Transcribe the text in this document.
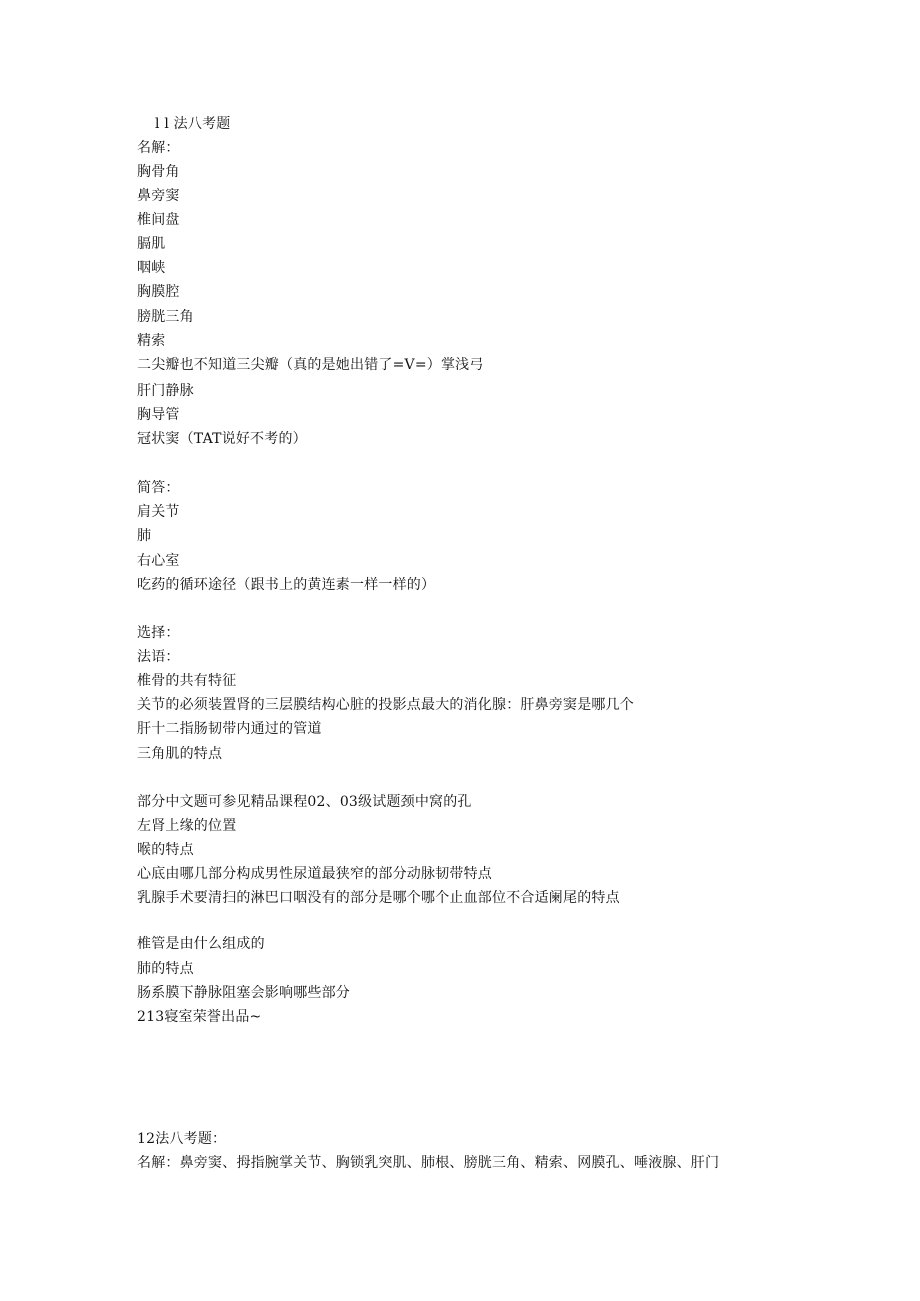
l l 法八考题
名解：
胸骨角
鼻旁窦
椎间盘
膈肌
咽峡
胸膜腔
膀胱三角
精索
二尖瓣也不知道三尖瓣（真的是她出错了=V=）掌浅弓
肝门静脉
胸导管
冠状窦（TAT说好不考的）
简答：
肩关节
肺
右心室
吃药的循环途径（跟书上的黄连素一样一样的）
选择：
法语：
椎骨的共有特征
关节的必须装置肾的三层膜结构心脏的投影点最大的消化腺：肝鼻旁窦是哪几个
肝十二指肠韧带内通过的管道
三角肌的特点
部分中文题可参见精品课程02、03级试题颈中窝的孔
左肾上缘的位置
喉的特点
心底由哪几部分构成男性尿道最狭窄的部分动脉韧带特点
乳腺手术要清扫的淋巴口咽没有的部分是哪个哪个止血部位不合适阑尾的特点
椎管是由什么组成的
肺的特点
肠系膜下静脉阻塞会影响哪些部分
213寝室荣誉出品~
12法八考题：
名解：鼻旁窦、拇指腕掌关节、胸锁乳突肌、肺根、膀胱三角、精索、网膜孔、唾液腺、肝门
